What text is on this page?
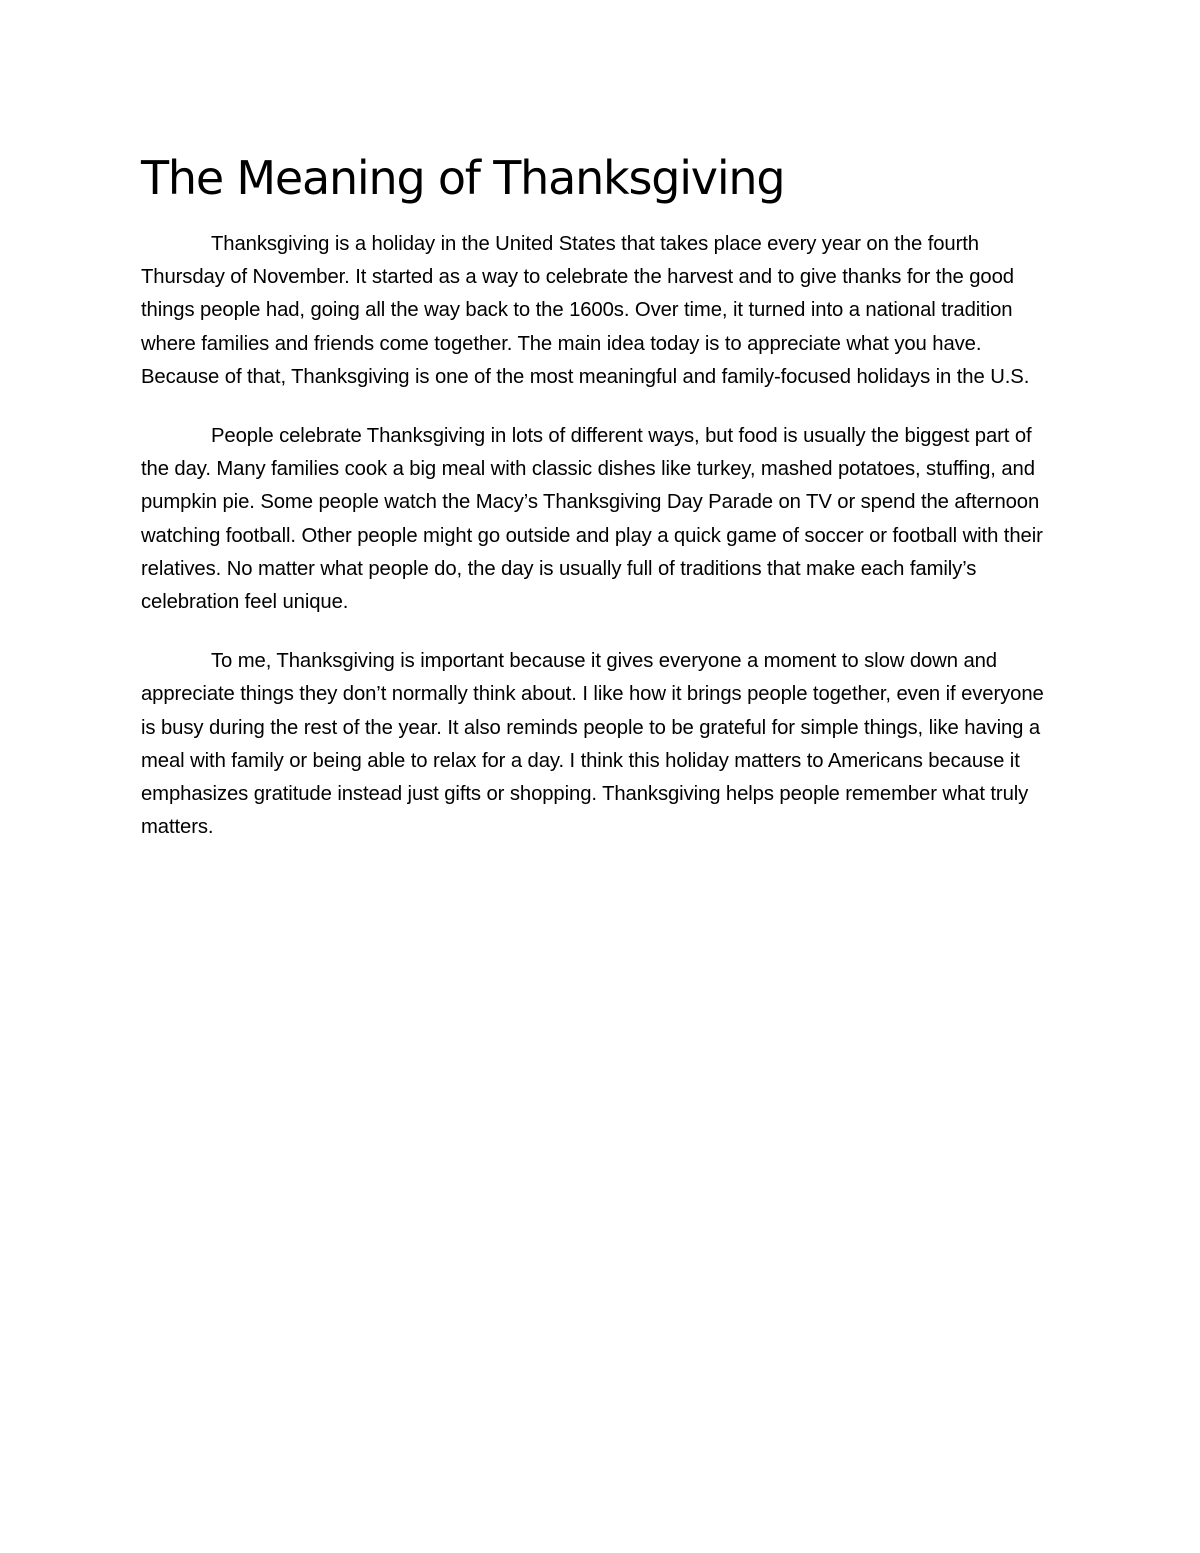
The Meaning of Thanksgiving

Thanksgiving is a holiday in the United States that takes place every year on the fourth Thursday of November. It started as a way to celebrate the harvest and to give thanks for the good things people had, going all the way back to the 1600s. Over time, it turned into a national tradition where families and friends come together. The main idea today is to appreciate what you have. Because of that, Thanksgiving is one of the most meaningful and family-focused holidays in the U.S.

People celebrate Thanksgiving in lots of different ways, but food is usually the biggest part of the day. Many families cook a big meal with classic dishes like turkey, mashed potatoes, stuffing, and pumpkin pie. Some people watch the Macy’s Thanksgiving Day Parade on TV or spend the afternoon watching football. Other people might go outside and play a quick game of soccer or football with their relatives. No matter what people do, the day is usually full of traditions that make each family’s celebration feel unique.

To me, Thanksgiving is important because it gives everyone a moment to slow down and appreciate things they don’t normally think about. I like how it brings people together, even if everyone is busy during the rest of the year. It also reminds people to be grateful for simple things, like having a meal with family or being able to relax for a day. I think this holiday matters to Americans because it emphasizes gratitude instead just gifts or shopping. Thanksgiving helps people remember what truly matters.
